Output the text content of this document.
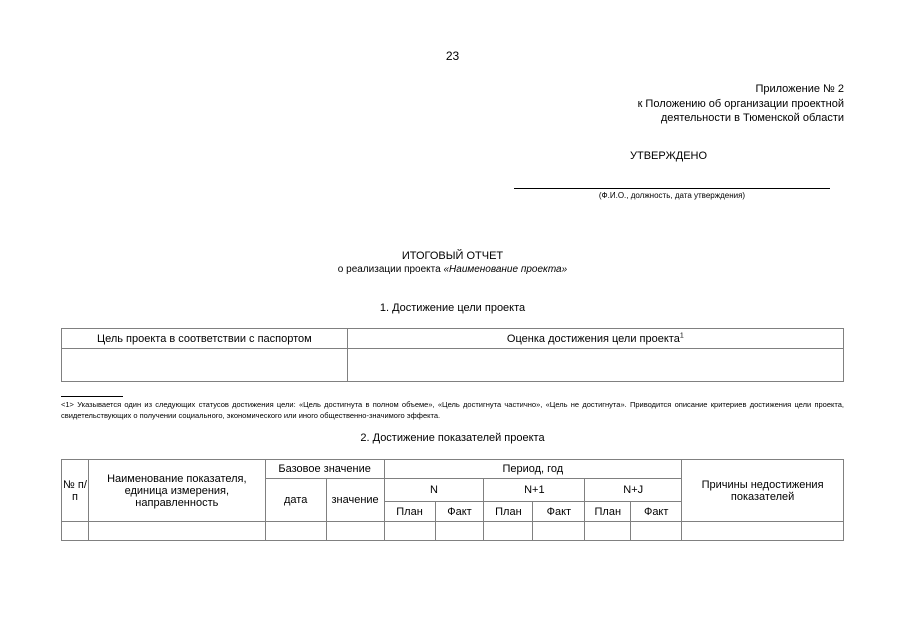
23
Приложение № 2
к Положению об организации проектной
деятельности в Тюменской области
УТВЕРЖДЕНО
(Ф.И.О., должность, дата утверждения)
ИТОГОВЫЙ ОТЧЕТ
о реализации проекта «Наименование проекта»
1. Достижение цели проекта
Цель проекта в соответствии с паспортом	Оценка достижения цели проекта$^1$

<1> Указывается один из следующих статусов достижения цели: «Цель достигнута в полном объеме», «Цель достигнута частично», «Цель не достигнута». Приводится описание критериев достижения цели проекта, свидетельствующих о получении социального, экономического или иного общественно-значимого эффекта.
2. Достижение показателей проекта
№ п/п	Наименование показателя, единица измерения, направленность	Базовое значение		Период, год						Причины недостижения показателей
		дата	значение	N		N+1		N+J		
				План	Факт	План	Факт	План	Факт	
